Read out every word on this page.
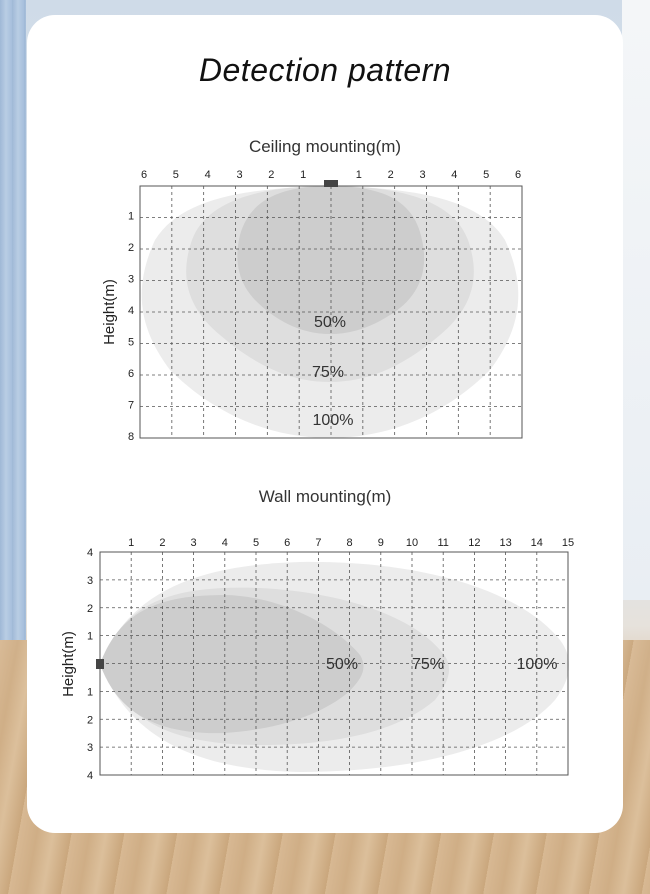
Detection pattern
Ceiling mounting(m)
Wall mounting(m)
6 5 4 3 2 1	1 2 3 4 5 6
1
2
3
4
5
6
7
8
50%
75%
100%
Height(m)
1 2 3 4 5 6 7 8 9 10 11 12 13 14 15
4
3
2
1
1
2
3
4
50%	75%	100%
Height(m)
